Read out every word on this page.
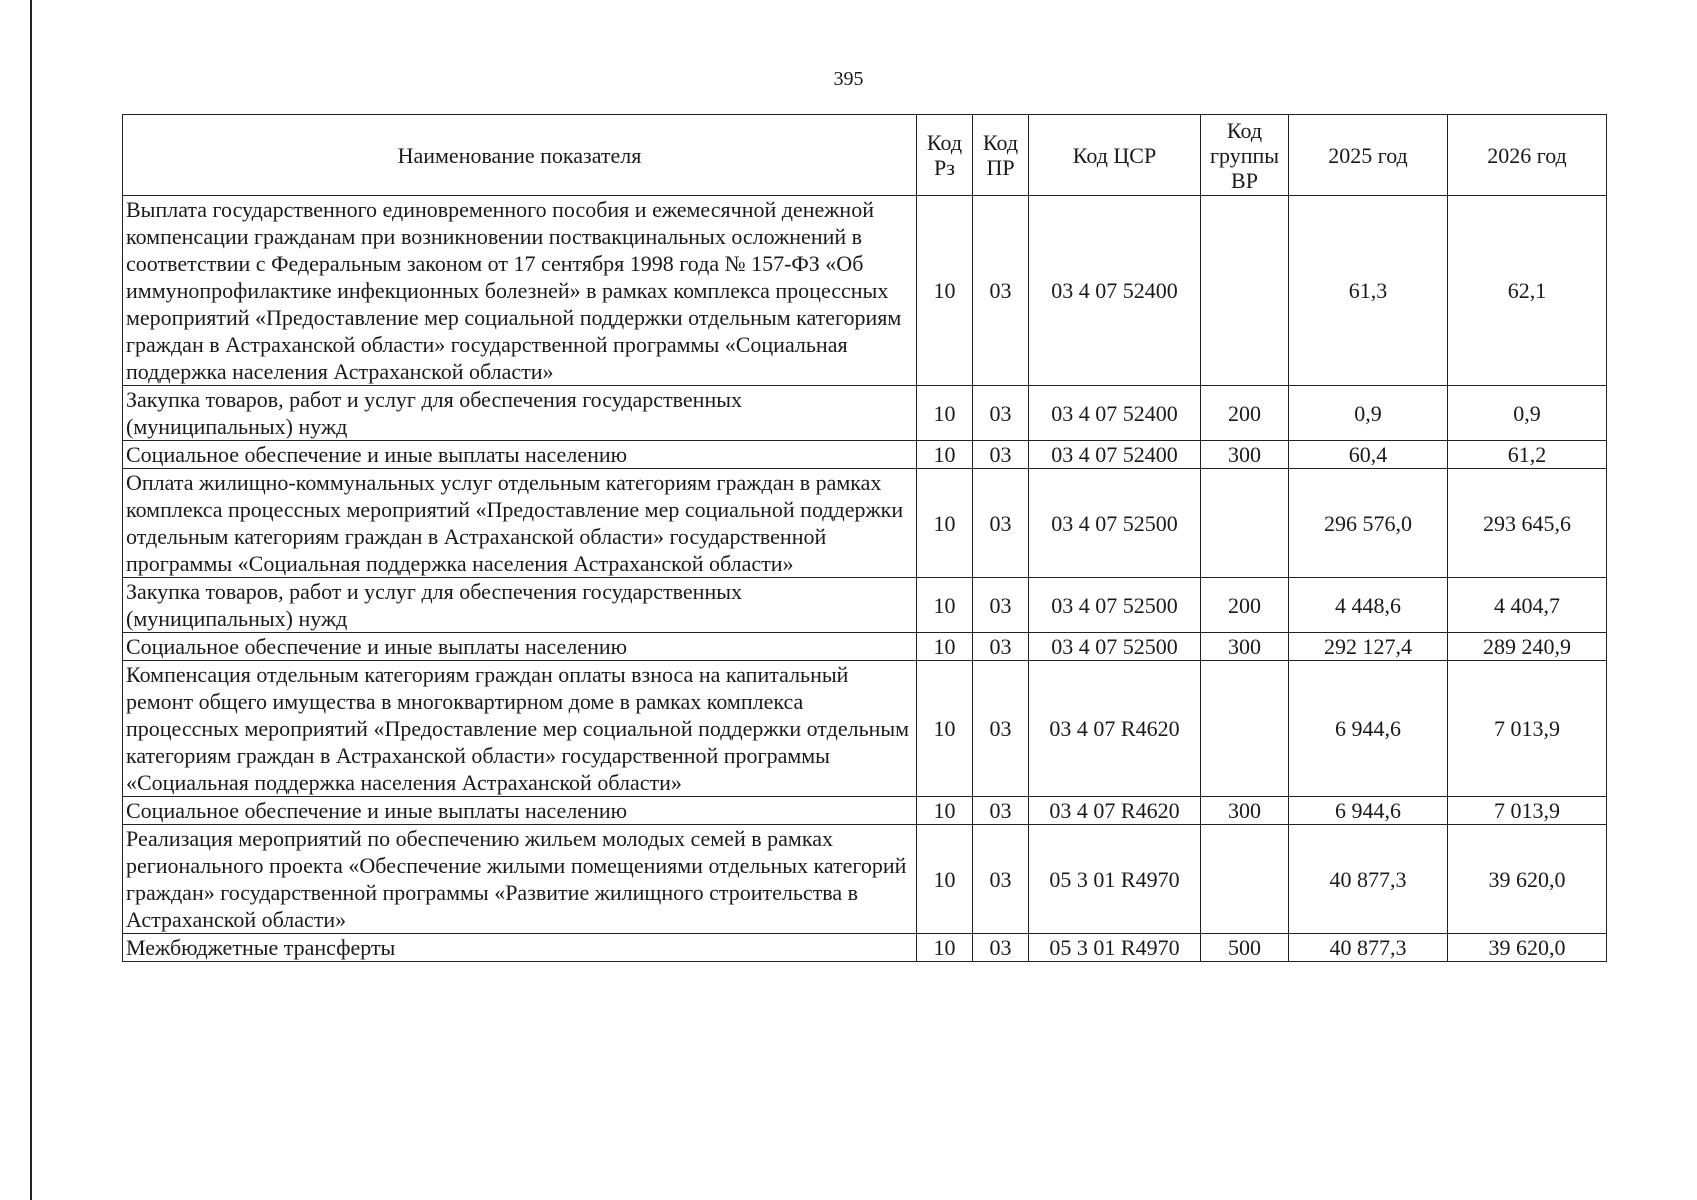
395
Наименование показателя	Код Рз	Код ПР	Код ЦСР	Код группы ВР	2025 год	2026 год
Выплата государственного единовременного пособия и ежемесячной денежной компенсации гражданам при возникновении поствакцинальных осложнений в соответствии с Федеральным законом от 17 сентября 1998 года № 157-ФЗ «Об иммунопрофилактике инфекционных болезней» в рамках комплекса процессных мероприятий «Предоставление мер социальной поддержки отдельным категориям граждан в Астраханской области» государственной программы «Социальная поддержка населения Астраханской области»	10	03	03 4 07 52400		61,3	62,1
Закупка товаров, работ и услуг для обеспечения государственных (муниципальных) нужд	10	03	03 4 07 52400	200	0,9	0,9
Социальное обеспечение и иные выплаты населению	10	03	03 4 07 52400	300	60,4	61,2
Оплата жилищно-коммунальных услуг отдельным категориям граждан в рамках комплекса процессных мероприятий «Предоставление мер социальной поддержки отдельным категориям граждан в Астраханской области» государственной программы «Социальная поддержка населения Астраханской области»	10	03	03 4 07 52500		296 576,0	293 645,6
Закупка товаров, работ и услуг для обеспечения государственных (муниципальных) нужд	10	03	03 4 07 52500	200	4 448,6	4 404,7
Социальное обеспечение и иные выплаты населению	10	03	03 4 07 52500	300	292 127,4	289 240,9
Компенсация отдельным категориям граждан оплаты взноса на капитальный ремонт общего имущества в многоквартирном доме в рамках комплекса процессных мероприятий «Предоставление мер социальной поддержки отдельным категориям граждан в Астраханской области» государственной программы «Социальная поддержка населения Астраханской области»	10	03	03 4 07 R4620		6 944,6	7 013,9
Социальное обеспечение и иные выплаты населению	10	03	03 4 07 R4620	300	6 944,6	7 013,9
Реализация мероприятий по обеспечению жильем молодых семей в рамках регионального проекта «Обеспечение жилыми помещениями отдельных категорий граждан» государственной программы «Развитие жилищного строительства в Астраханской области»	10	03	05 3 01 R4970		40 877,3	39 620,0
Межбюджетные трансферты	10	03	05 3 01 R4970	500	40 877,3	39 620,0
